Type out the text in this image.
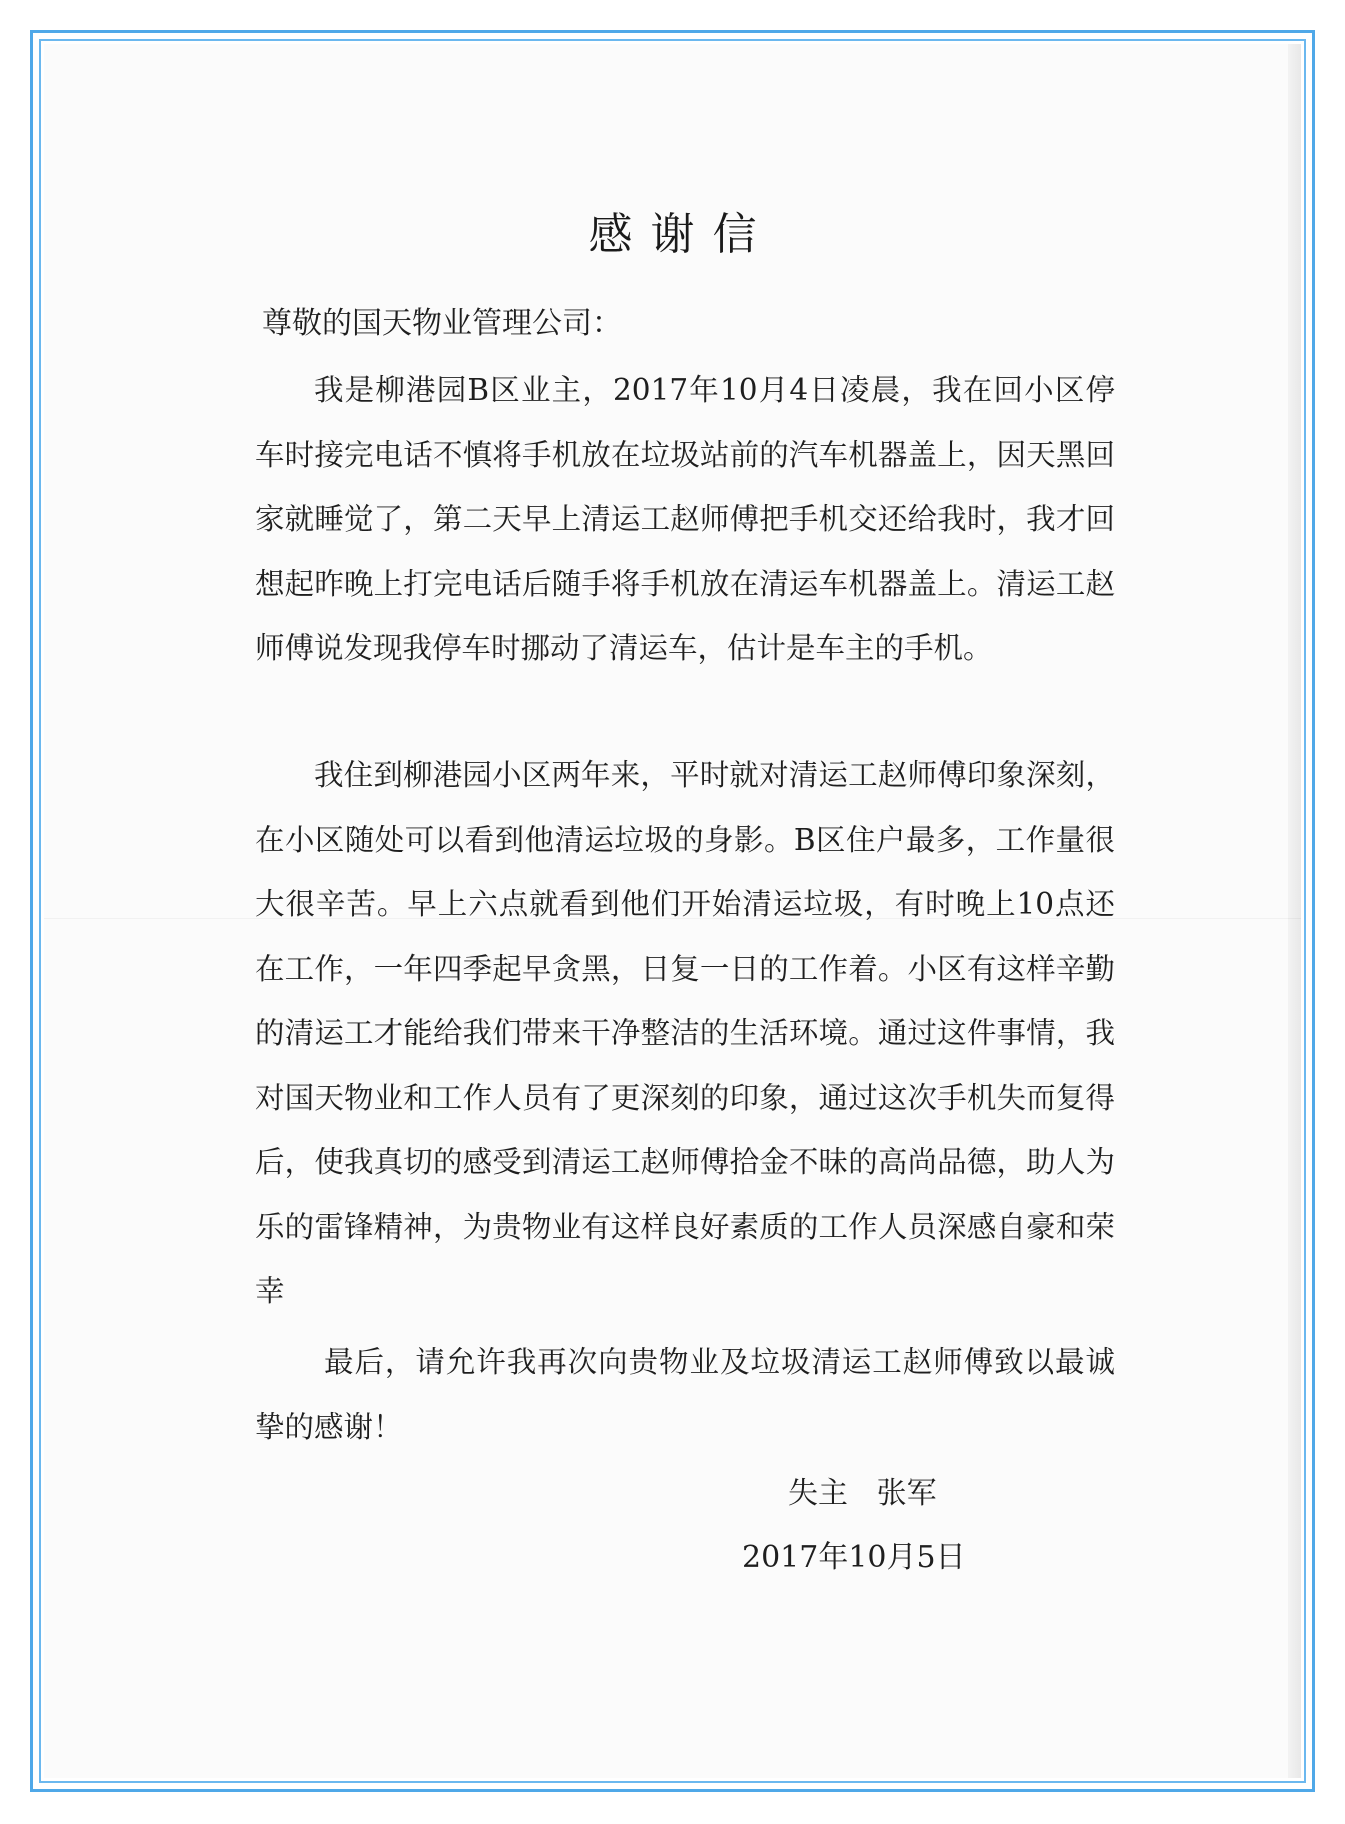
感谢信
尊敬的国天物业管理公司：

我是柳港园B区业主，2017年10月4日凌晨，我在回小区停车时接完电话不慎将手机放在垃圾站前的汽车机器盖上，因天黑回家就睡觉了，第二天早上清运工赵师傅把手机交还给我时，我才回想起昨晚上打完电话后随手将手机放在清运车机器盖上。清运工赵师傅说发现我停车时挪动了清运车，估计是车主的手机。

我住到柳港园小区两年来，平时就对清运工赵师傅印象深刻，在小区随处可以看到他清运垃圾的身影。B区住户最多，工作量很大很辛苦。早上六点就看到他们开始清运垃圾，有时晚上10点还在工作，一年四季起早贪黑，日复一日的工作着。小区有这样辛勤的清运工才能给我们带来干净整洁的生活环境。通过这件事情，我对国天物业和工作人员有了更深刻的印象，通过这次手机失而复得后，使我真切的感受到清运工赵师傅拾金不昧的高尚品德，助人为乐的雷锋精神，为贵物业有这样良好素质的工作人员深感自豪和荣幸

最后，请允许我再次向贵物业及垃圾清运工赵师傅致以最诚挚的感谢！

失主   张军
2017年10月5日
